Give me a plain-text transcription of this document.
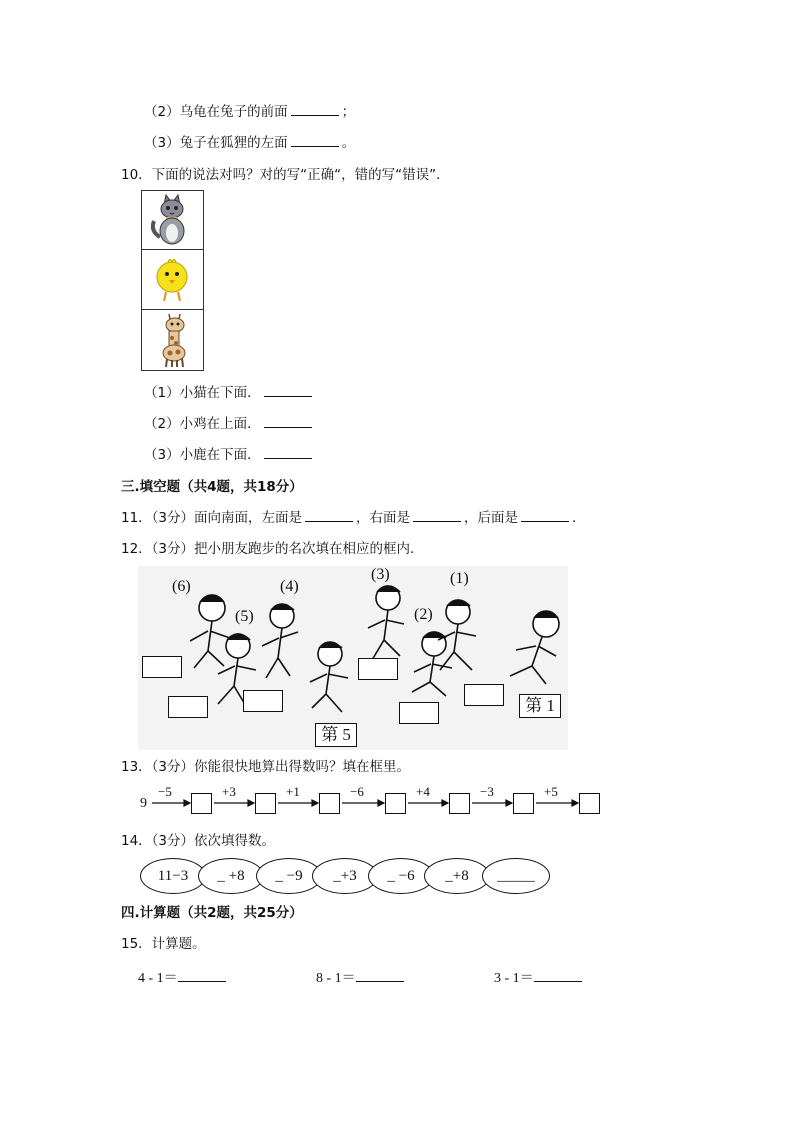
（2）乌龟在兔子的前面	；
（3）兔子在狐狸的左面	。
10．下面的说法对吗？对的写“正确“，错的写“错误”．
（1）小猫在下面．
（2）小鸡在上面．
（3）小鹿在下面．
三.填空题（共4题，共18分）
11．（3分）面向南面，左面是	，右面是	，后面是	．
12．（3分）把小朋友跑步的名次填在相应的框内．
(6)	(4)
(5)
(3)	(1)
(2)
第 1
第 5
13．（3分）你能很快地算出得数吗？填在框里。
9
−5	+3	+1	−6	+4	−3	+5
14．（3分）依次填得数。
11−3	_ +8	_ −9	_+3	_ −6	_+8	_____
四.计算题（共2题，共25分）
15．计算题。
4 - 1＝	8 - 1＝	3 - 1＝
